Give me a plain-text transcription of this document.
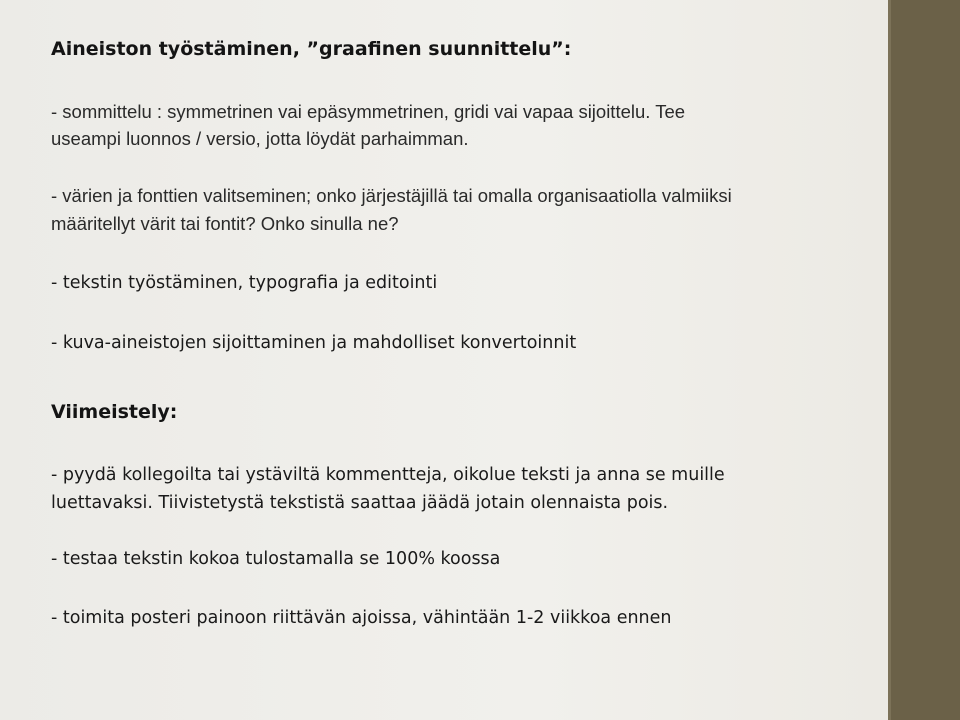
Aineiston työstäminen, ”graafinen suunnittelu”:

- sommittelu : symmetrinen vai epäsymmetrinen, gridi vai vapaa sijoittelu. Tee

useampi luonnos / versio, jotta löydät parhaimman.

- värien ja fonttien valitseminen; onko järjestäjillä tai omalla organisaatiolla valmiiksi

määritellyt värit tai fontit? Onko sinulla ne?

- tekstin työstäminen, typografia ja editointi

- kuva-aineistojen sijoittaminen ja mahdolliset konvertoinnit

Viimeistely:

- pyydä kollegoilta tai ystäviltä kommentteja, oikolue teksti ja anna se muille

luettavaksi. Tiivistetystä tekstistä saattaa jäädä jotain olennaista pois.

- testaa tekstin kokoa tulostamalla se 100% koossa

- toimita posteri painoon riittävän ajoissa, vähintään 1-2 viikkoa ennen
